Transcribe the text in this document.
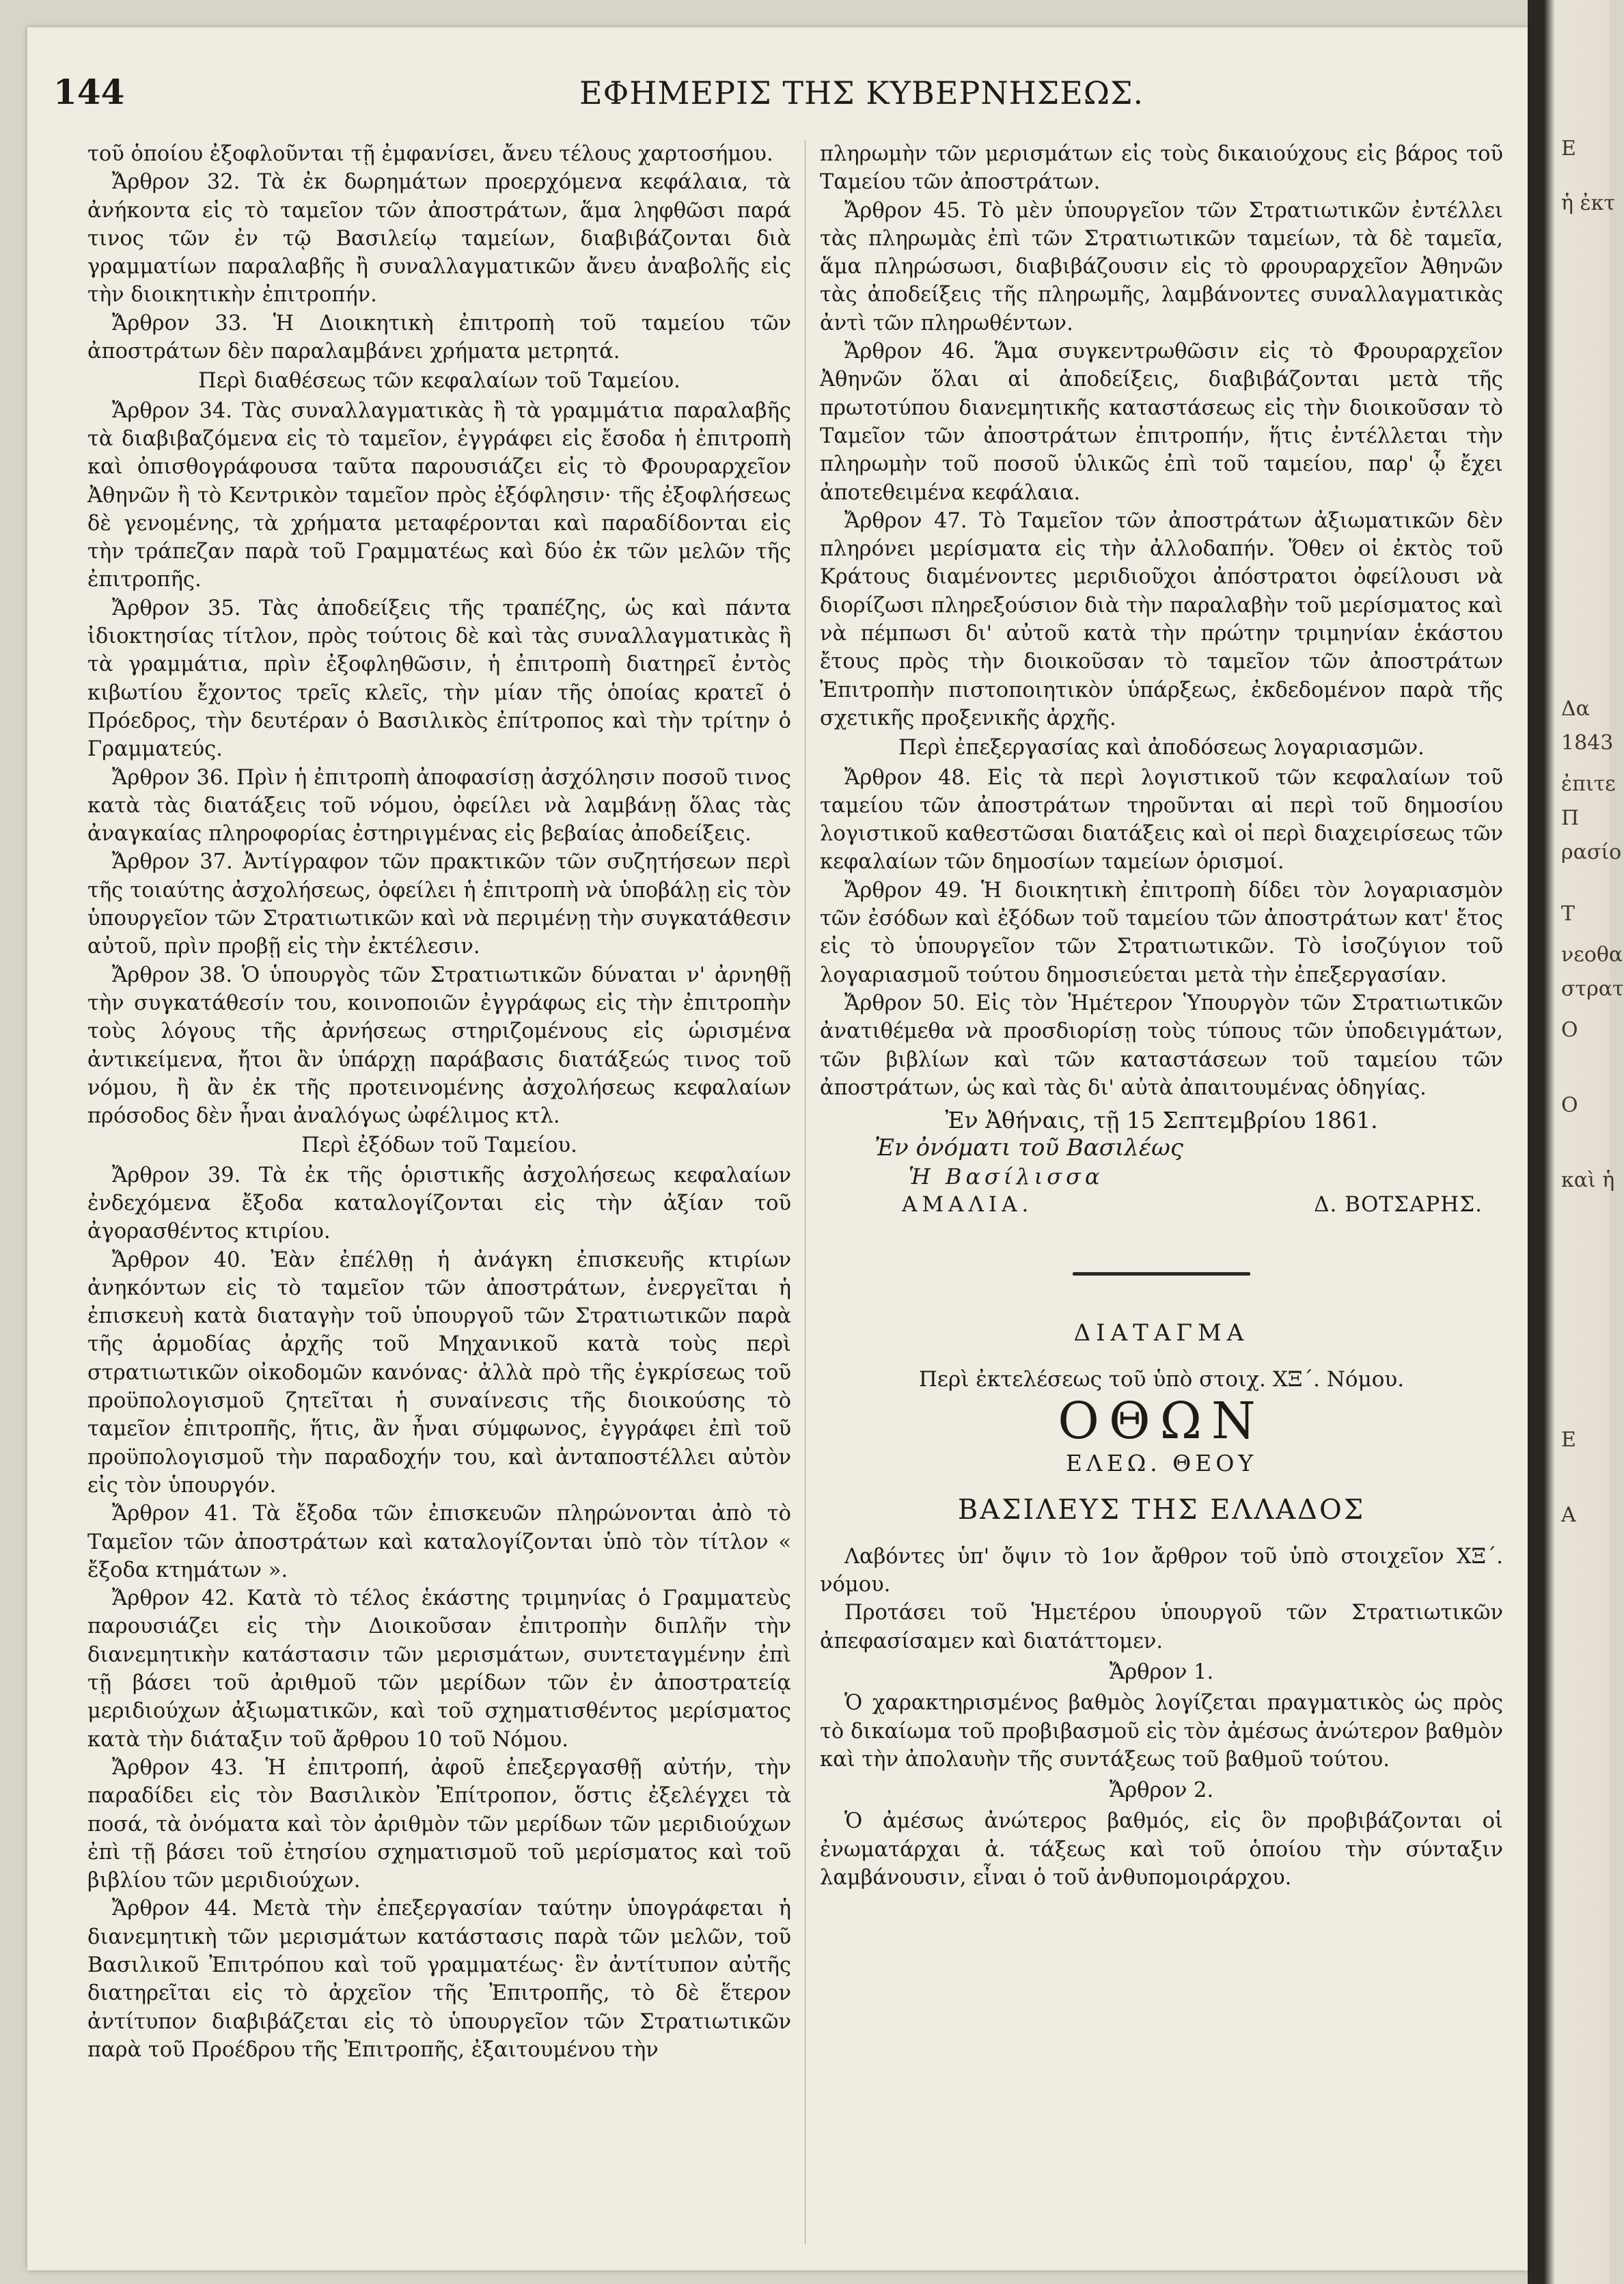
Ε
ἡ ἐκτ
Δα
1843
ἐπιτε
Π
ρασίο
Τ
νεοθα
στρατ
Ο
Ο
καὶ ἡ
Ε
Α
144	ΕΦΗΜΕΡΙΣ ΤΗΣ ΚΥΒΕΡΝΗΣΕΩΣ.

τοῦ ὁποίου ἐξοφλοῦνται τῇ ἐμφανίσει, ἄνευ τέλους χαρτοσήμου.

Ἄρθρον 32. Τὰ ἐκ δωρημάτων προερχόμενα κεφάλαια, τὰ ἀνήκοντα εἰς τὸ ταμεῖον τῶν ἀποστράτων, ἅμα ληφθῶσι παρά τινος τῶν ἐν τῷ Βασιλείῳ ταμείων, διαβιβάζονται διὰ γραμματίων παραλαβῆς ἢ συναλλαγματικῶν ἄνευ ἀναβολῆς εἰς τὴν διοικητικὴν ἐπιτροπήν.

Ἄρθρον 33. Ἡ Διοικητικὴ ἐπιτροπὴ τοῦ ταμείου τῶν ἀποστράτων δὲν παραλαμβάνει χρήματα μετρητά.

Περὶ διαθέσεως τῶν κεφαλαίων τοῦ Ταμείου.

Ἄρθρον 34. Τὰς συναλλαγματικὰς ἢ τὰ γραμμάτια παραλαβῆς τὰ διαβιβαζόμενα εἰς τὸ ταμεῖον, ἐγγράφει εἰς ἔσοδα ἡ ἐπιτροπὴ καὶ ὀπισθογράφουσα ταῦτα παρουσιάζει εἰς τὸ Φρουραρχεῖον Ἀθηνῶν ἢ τὸ Κεντρικὸν ταμεῖον πρὸς ἐξόφλησιν· τῆς ἐξοφλήσεως δὲ γενομένης, τὰ χρήματα μεταφέρονται καὶ παραδίδονται εἰς τὴν τράπεζαν παρὰ τοῦ Γραμματέως καὶ δύο ἐκ τῶν μελῶν τῆς ἐπιτροπῆς.

Ἄρθρον 35. Τὰς ἀποδείξεις τῆς τραπέζης, ὡς καὶ πάντα ἰδιοκτησίας τίτλον, πρὸς τούτοις δὲ καὶ τὰς συναλλαγματικὰς ἢ τὰ γραμμάτια, πρὶν ἐξοφληθῶσιν, ἡ ἐπιτροπὴ διατηρεῖ ἐντὸς κιβωτίου ἔχοντος τρεῖς κλεῖς, τὴν μίαν τῆς ὁποίας κρατεῖ ὁ Πρόεδρος, τὴν δευτέραν ὁ Βασιλικὸς ἐπίτροπος καὶ τὴν τρίτην ὁ Γραμματεύς.

Ἄρθρον 36. Πρὶν ἡ ἐπιτροπὴ ἀποφασίσῃ ἀσχόλησιν ποσοῦ τινος κατὰ τὰς διατάξεις τοῦ νόμου, ὀφείλει νὰ λαμβάνῃ ὅλας τὰς ἀναγκαίας πληροφορίας ἐστηριγμένας εἰς βεβαίας ἀποδείξεις.

Ἄρθρον 37. Ἀντίγραφον τῶν πρακτικῶν τῶν συζητήσεων περὶ τῆς τοιαύτης ἀσχολήσεως, ὀφείλει ἡ ἐπιτροπὴ νὰ ὑποβάλῃ εἰς τὸν ὑπουργεῖον τῶν Στρατιωτικῶν καὶ νὰ περιμένῃ τὴν συγκατάθεσιν αὐτοῦ, πρὶν προβῇ εἰς τὴν ἐκτέλεσιν.

Ἄρθρον 38. Ὁ ὑπουργὸς τῶν Στρατιωτικῶν δύναται ν' ἀρνηθῇ τὴν συγκατάθεσίν του, κοινοποιῶν ἐγγράφως εἰς τὴν ἐπιτροπὴν τοὺς λόγους τῆς ἀρνήσεως στηριζομένους εἰς ὡρισμένα ἀντικείμενα, ἤτοι ἂν ὑπάρχῃ παράβασις διατάξεώς τινος τοῦ νόμου, ἢ ἂν ἐκ τῆς προτεινομένης ἀσχολήσεως κεφαλαίων πρόσοδος δὲν ἦναι ἀναλόγως ὠφέλιμος κτλ.

Περὶ ἐξόδων τοῦ Ταμείου.

Ἄρθρον 39. Τὰ ἐκ τῆς ὁριστικῆς ἀσχολήσεως κεφαλαίων ἐνδεχόμενα ἔξοδα καταλογίζονται εἰς τὴν ἀξίαν τοῦ ἀγορασθέντος κτιρίου.

Ἄρθρον 40. Ἐὰν ἐπέλθῃ ἡ ἀνάγκη ἐπισκευῆς κτιρίων ἀνηκόντων εἰς τὸ ταμεῖον τῶν ἀποστράτων, ἐνεργεῖται ἡ ἐπισκευὴ κατὰ διαταγὴν τοῦ ὑπουργοῦ τῶν Στρατιωτικῶν παρὰ τῆς ἁρμοδίας ἀρχῆς τοῦ Μηχανικοῦ κατὰ τοὺς περὶ στρατιωτικῶν οἰκοδομῶν κανόνας· ἀλλὰ πρὸ τῆς ἐγκρίσεως τοῦ προϋπολογισμοῦ ζητεῖται ἡ συναίνεσις τῆς διοικούσης τὸ ταμεῖον ἐπιτροπῆς, ἥτις, ἂν ἦναι σύμφωνος, ἐγγράφει ἐπὶ τοῦ προϋπολογισμοῦ τὴν παραδοχήν του, καὶ ἀνταποστέλλει αὐτὸν εἰς τὸν ὑπουργόν.

Ἄρθρον 41. Τὰ ἔξοδα τῶν ἐπισκευῶν πληρώνονται ἀπὸ τὸ Ταμεῖον τῶν ἀποστράτων καὶ καταλογίζονται ὑπὸ τὸν τίτλον « ἔξοδα κτημάτων ».

Ἄρθρον 42. Κατὰ τὸ τέλος ἑκάστης τριμηνίας ὁ Γραμματεὺς παρουσιάζει εἰς τὴν Διοικοῦσαν ἐπιτροπὴν διπλῆν τὴν διανεμητικὴν κατάστασιν τῶν μερισμάτων, συντεταγμένην ἐπὶ τῇ βάσει τοῦ ἀριθμοῦ τῶν μερίδων τῶν ἐν ἀποστρατείᾳ μεριδιούχων ἀξιωματικῶν, καὶ τοῦ σχηματισθέντος μερίσματος κατὰ τὴν διάταξιν τοῦ ἄρθρου 10 τοῦ Νόμου.

Ἄρθρον 43. Ἡ ἐπιτροπή, ἀφοῦ ἐπεξεργασθῇ αὐτήν, τὴν παραδίδει εἰς τὸν Βασιλικὸν Ἐπίτροπον, ὅστις ἐξελέγχει τὰ ποσά, τὰ ὀνόματα καὶ τὸν ἀριθμὸν τῶν μερίδων τῶν μεριδιούχων ἐπὶ τῇ βάσει τοῦ ἐτησίου σχηματισμοῦ τοῦ μερίσματος καὶ τοῦ βιβλίου τῶν μεριδιούχων.

Ἄρθρον 44. Μετὰ τὴν ἐπεξεργασίαν ταύτην ὑπογράφεται ἡ διανεμητικὴ τῶν μερισμάτων κατάστασις παρὰ τῶν μελῶν, τοῦ Βασιλικοῦ Ἐπιτρόπου καὶ τοῦ γραμματέως· ἓν ἀντίτυπον αὐτῆς διατηρεῖται εἰς τὸ ἀρχεῖον τῆς Ἐπιτροπῆς, τὸ δὲ ἕτερον ἀντίτυπον διαβιβάζεται εἰς τὸ ὑπουργεῖον τῶν Στρατιωτικῶν παρὰ τοῦ Προέδρου τῆς Ἐπιτροπῆς, ἐξαιτουμένου τὴν

πληρωμὴν τῶν μερισμάτων εἰς τοὺς δικαιούχους εἰς βάρος τοῦ Ταμείου τῶν ἀποστράτων.

Ἄρθρον 45. Τὸ μὲν ὑπουργεῖον τῶν Στρατιωτικῶν ἐντέλλει τὰς πληρωμὰς ἐπὶ τῶν Στρατιωτικῶν ταμείων, τὰ δὲ ταμεῖα, ἅμα πληρώσωσι, διαβιβάζουσιν εἰς τὸ φρουραρχεῖον Ἀθηνῶν τὰς ἀποδείξεις τῆς πληρωμῆς, λαμβάνοντες συναλλαγματικὰς ἀντὶ τῶν πληρωθέντων.

Ἄρθρον 46. Ἅμα συγκεντρωθῶσιν εἰς τὸ Φρουραρχεῖον Ἀθηνῶν ὅλαι αἱ ἀποδείξεις, διαβιβάζονται μετὰ τῆς πρωτοτύπου διανεμητικῆς καταστάσεως εἰς τὴν διοικοῦσαν τὸ Ταμεῖον τῶν ἀποστράτων ἐπιτροπήν, ἥτις ἐντέλλεται τὴν πληρωμὴν τοῦ ποσοῦ ὑλικῶς ἐπὶ τοῦ ταμείου, παρ' ᾧ ἔχει ἀποτεθειμένα κεφάλαια.

Ἄρθρον 47. Τὸ Ταμεῖον τῶν ἀποστράτων ἀξιωματικῶν δὲν πληρόνει μερίσματα εἰς τὴν ἀλλοδαπήν. Ὅθεν οἱ ἐκτὸς τοῦ Κράτους διαμένοντες μεριδιοῦχοι ἀπόστρατοι ὀφείλουσι νὰ διορίζωσι πληρεξούσιον διὰ τὴν παραλαβὴν τοῦ μερίσματος καὶ νὰ πέμπωσι δι' αὐτοῦ κατὰ τὴν πρώτην τριμηνίαν ἑκάστου ἔτους πρὸς τὴν διοικοῦσαν τὸ ταμεῖον τῶν ἀποστράτων Ἐπιτροπὴν πιστοποιητικὸν ὑπάρξεως, ἐκδεδομένον παρὰ τῆς σχετικῆς προξενικῆς ἀρχῆς.

Περὶ ἐπεξεργασίας καὶ ἀποδόσεως λογαριασμῶν.

Ἄρθρον 48. Εἰς τὰ περὶ λογιστικοῦ τῶν κεφαλαίων τοῦ ταμείου τῶν ἀποστράτων τηροῦνται αἱ περὶ τοῦ δημοσίου λογιστικοῦ καθεστῶσαι διατάξεις καὶ οἱ περὶ διαχειρίσεως τῶν κεφαλαίων τῶν δημοσίων ταμείων ὁρισμοί.

Ἄρθρον 49. Ἡ διοικητικὴ ἐπιτροπὴ δίδει τὸν λογαριασμὸν τῶν ἐσόδων καὶ ἐξόδων τοῦ ταμείου τῶν ἀποστράτων κατ' ἔτος εἰς τὸ ὑπουργεῖον τῶν Στρατιωτικῶν. Τὸ ἰσοζύγιον τοῦ λογαριασμοῦ τούτου δημοσιεύεται μετὰ τὴν ἐπεξεργασίαν.

Ἄρθρον 50. Εἰς τὸν Ἡμέτερον Ὑπουργὸν τῶν Στρατιωτικῶν ἀνατιθέμεθα νὰ προσδιορίσῃ τοὺς τύπους τῶν ὑποδειγμάτων, τῶν βιβλίων καὶ τῶν καταστάσεων τοῦ ταμείου τῶν ἀποστράτων, ὡς καὶ τὰς δι' αὐτὰ ἀπαιτουμένας ὁδηγίας.

Ἐν Ἀθήναις, τῇ 15 Σεπτεμβρίου 1861.

Ἐν ὀνόματι τοῦ Βασιλέως

Ἡ Βασίλισσα

ΑΜΑΛΙΑ.	Δ. ΒΟΤΣΑΡΗΣ.
ΔΙΑΤΑΓΜΑ
Περὶ ἐκτελέσεως τοῦ ὑπὸ στοιχ. ΧΞ΄. Νόμου.
ΟΘΩΝ
ΕΛΕΩ. ΘΕΟΥ
ΒΑΣΙΛΕΥΣ ΤΗΣ ΕΛΛΑΔΟΣ

Λαβόντες ὑπ' ὄψιν τὸ 1ον ἄρθρον τοῦ ὑπὸ στοιχεῖον ΧΞ΄. νόμου.

Προτάσει τοῦ Ἡμετέρου ὑπουργοῦ τῶν Στρατιωτικῶν ἀπεφασίσαμεν καὶ διατάττομεν.

Ἄρθρον 1.

Ὁ χαρακτηρισμένος βαθμὸς λογίζεται πραγματικὸς ὡς πρὸς τὸ δικαίωμα τοῦ προβιβασμοῦ εἰς τὸν ἀμέσως ἀνώτερον βαθμὸν καὶ τὴν ἀπολαυὴν τῆς συντάξεως τοῦ βαθμοῦ τούτου.

Ἄρθρον 2.

Ὁ ἀμέσως ἀνώτερος βαθμός, εἰς ὃν προβιβάζονται οἱ ἐνωματάρχαι ἀ. τάξεως καὶ τοῦ ὁποίου τὴν σύνταξιν λαμβάνουσιν, εἶναι ὁ τοῦ ἀνθυπομοιράρχου.
